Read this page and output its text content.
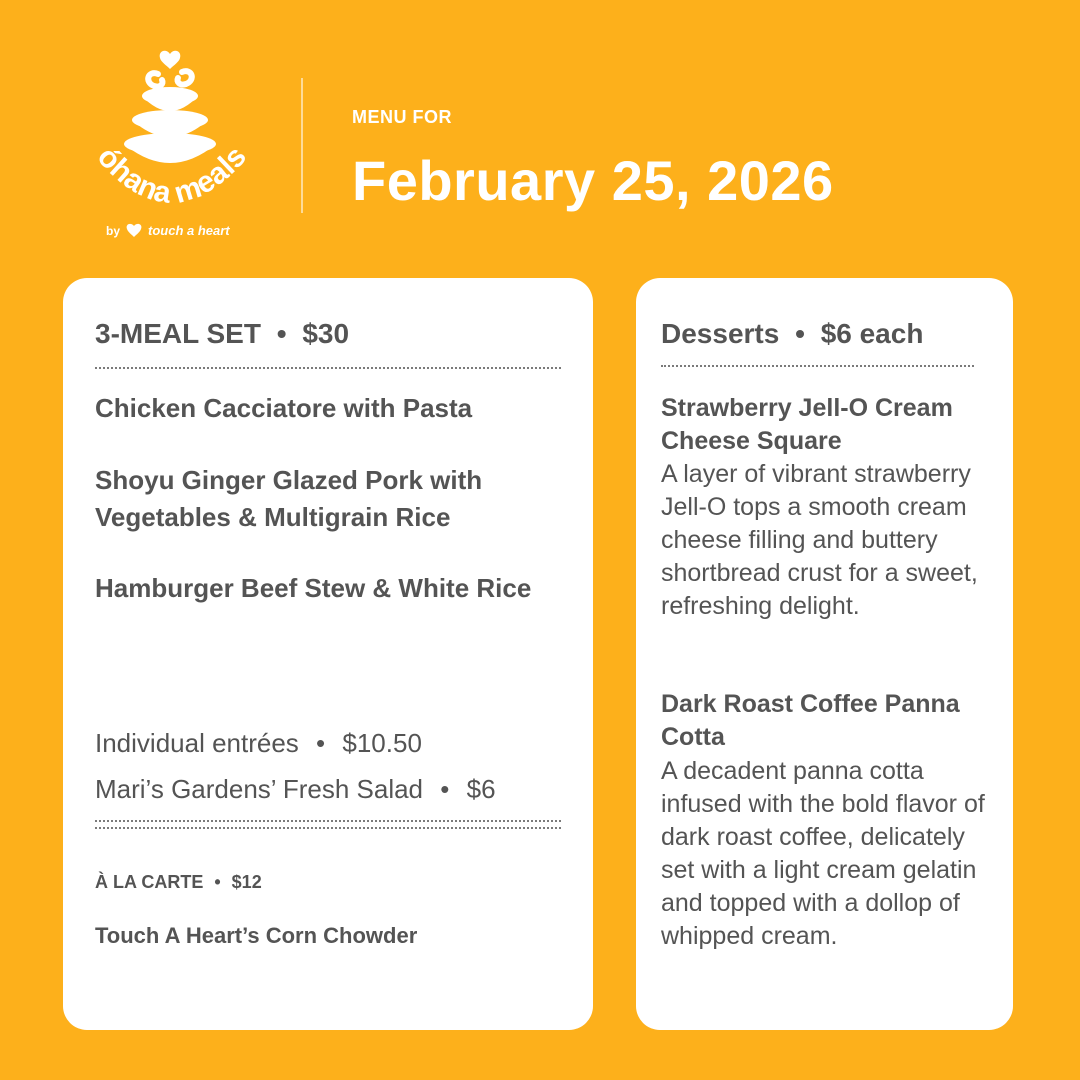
óhana meals
by touch a heart
MENU FOR
February 25, 2026
3-MEAL SET • $30
Chicken Cacciatore with Pasta
Shoyu Ginger Glazed Pork with Vegetables & Multigrain Rice
Hamburger Beef Stew & White Rice
Individual entrées • $10.50
Mari’s Gardens’ Fresh Salad • $6
À LA CARTE • $12
Touch A Heart’s Corn Chowder
Desserts • $6 each
Strawberry Jell-O Cream Cheese Square
A layer of vibrant strawberry Jell-O tops a smooth cream cheese filling and buttery shortbread crust for a sweet, refreshing delight.
Dark Roast Coffee Panna Cotta
A decadent panna cotta infused with the bold flavor of dark roast coffee, delicately set with a light cream gelatin and topped with a dollop of whipped cream.
